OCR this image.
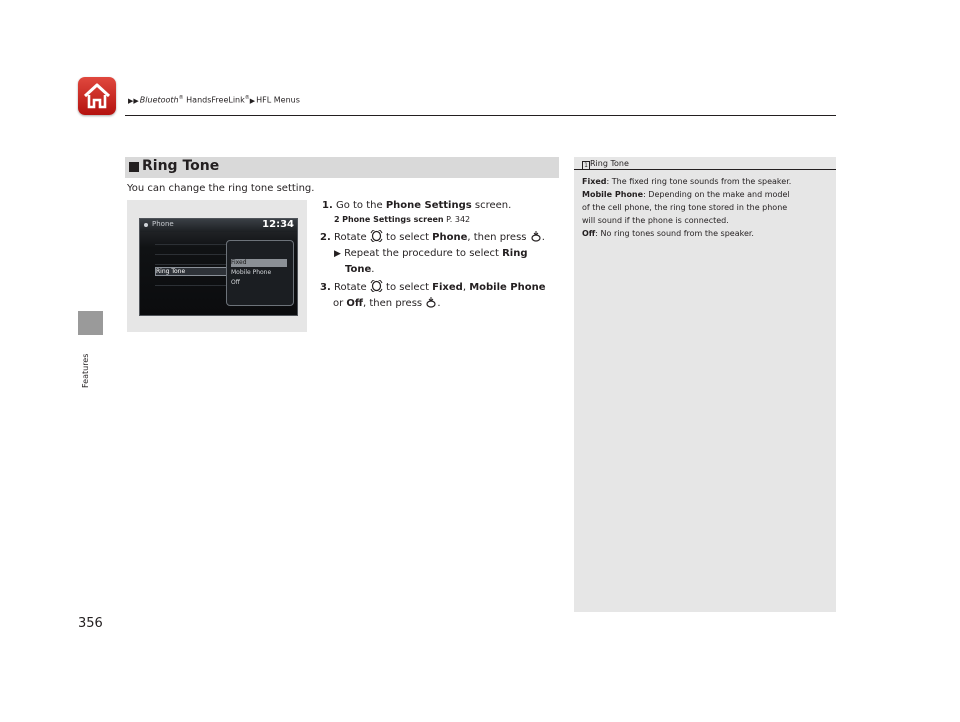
▶▶Bluetooth® HandsFreeLink®▶HFL Menus
Features
Ring Tone
You can change the ring tone setting.
Phone	12:34
Ring Tone
Fixed
Mobile Phone
Off
1. Go to the Phone Settings screen.
2 Phone Settings screen P. 342
2. Rotate  to select Phone, then press .
▶ Repeat the procedure to select Ring
Tone.
3. Rotate  to select Fixed, Mobile Phone
or Off, then press .
1 Ring Tone

Fixed: The fixed ring tone sounds from the speaker.

Mobile Phone: Depending on the make and model

of the cell phone, the ring tone stored in the phone

will sound if the phone is connected.

Off: No ring tones sound from the speaker.

356
